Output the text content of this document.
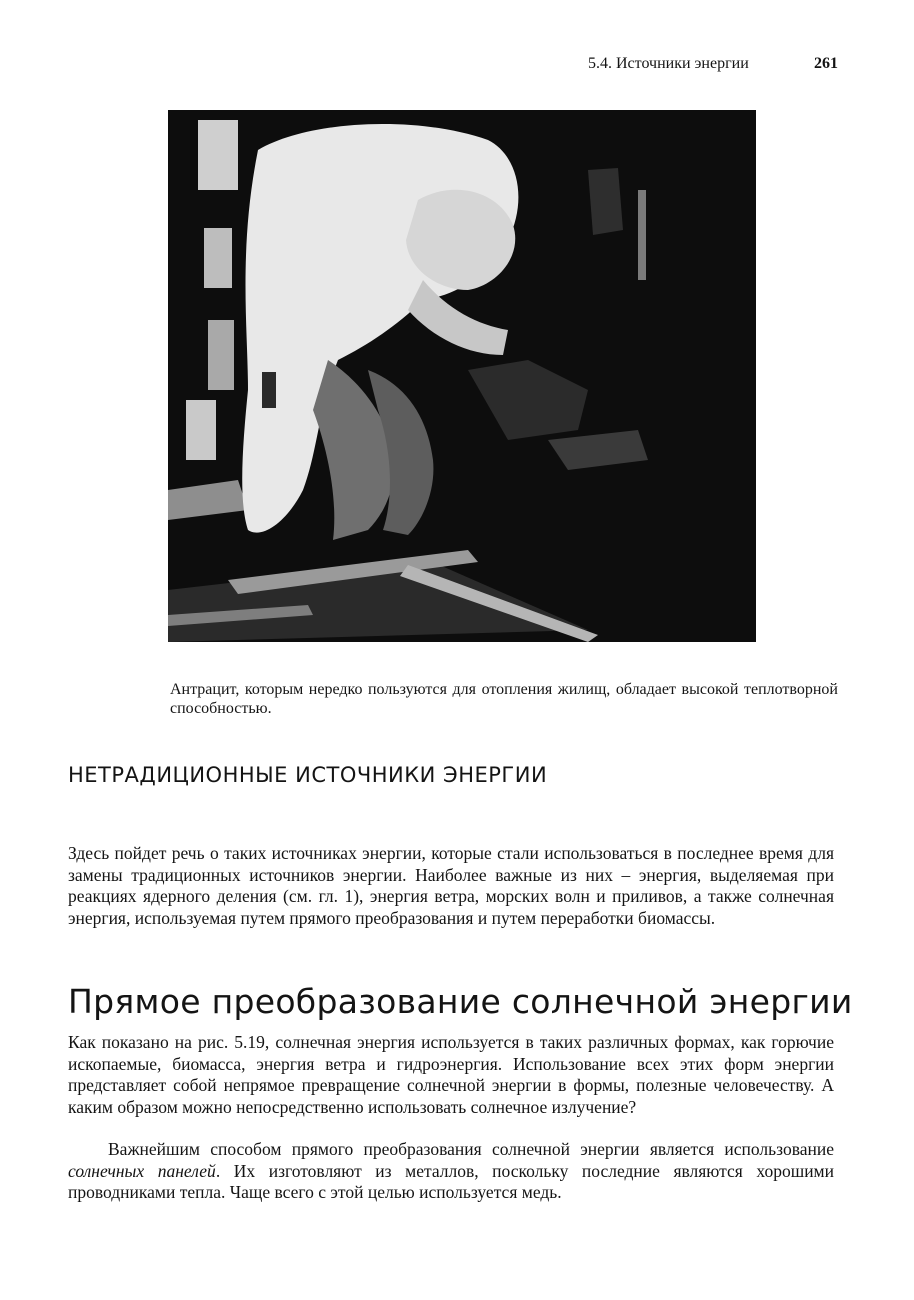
5.4. Источники энергии	261
Антрацит, которым нередко пользуются для отопления жилищ, обладает высокой теплотворной способностью.
НЕТРАДИЦИОННЫЕ ИСТОЧНИКИ ЭНЕРГИИ

Здесь пойдет речь о таких источниках энергии, которые стали использоваться в последнее время для замены традиционных источников энергии. Наиболее важные из них – энергия, выделяемая при реакциях ядерного деления (см. гл. 1), энергия ветра, морских волн и приливов, а также солнечная энергия, используемая путем прямого преобразования и путем переработки биомассы.

Прямое преобразование солнечной энергии

Как показано на рис. 5.19, солнечная энергия используется в таких различных формах, как горючие ископаемые, биомасса, энергия ветра и гидроэнергия. Использование всех этих форм энергии представляет собой непрямое превращение солнечной энергии в формы, полезные человечеству. А каким образом можно непосредственно использовать солнечное излучение?

Важнейшим способом прямого преобразования солнечной энергии является использование солнечных панелей. Их изготовляют из металлов, поскольку последние являются хорошими проводниками тепла. Чаще всего с этой целью используется медь.
